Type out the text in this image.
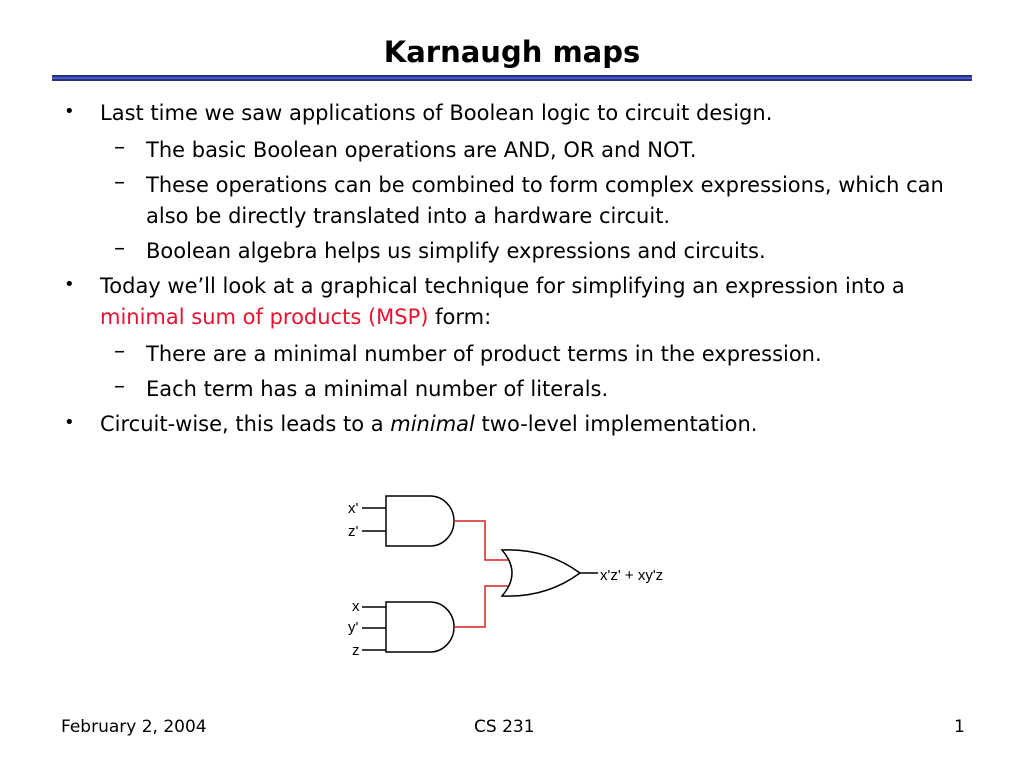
Karnaugh maps
• Last time we saw applications of Boolean logic to circuit design.
– The basic Boolean operations are AND, OR and NOT.
– These operations can be combined to form complex expressions, which can also be directly translated into a hardware circuit.
– Boolean algebra helps us simplify expressions and circuits.
• Today we’ll look at a graphical technique for simplifying an expression into a minimal sum of products (MSP) form:
– There are a minimal number of product terms in the expression.
– Each term has a minimal number of literals.
• Circuit-wise, this leads to a minimal two-level implementation.
x'
z'
x
y'
z
x'z' + xy'z
February 2, 2004	CS 231	1
